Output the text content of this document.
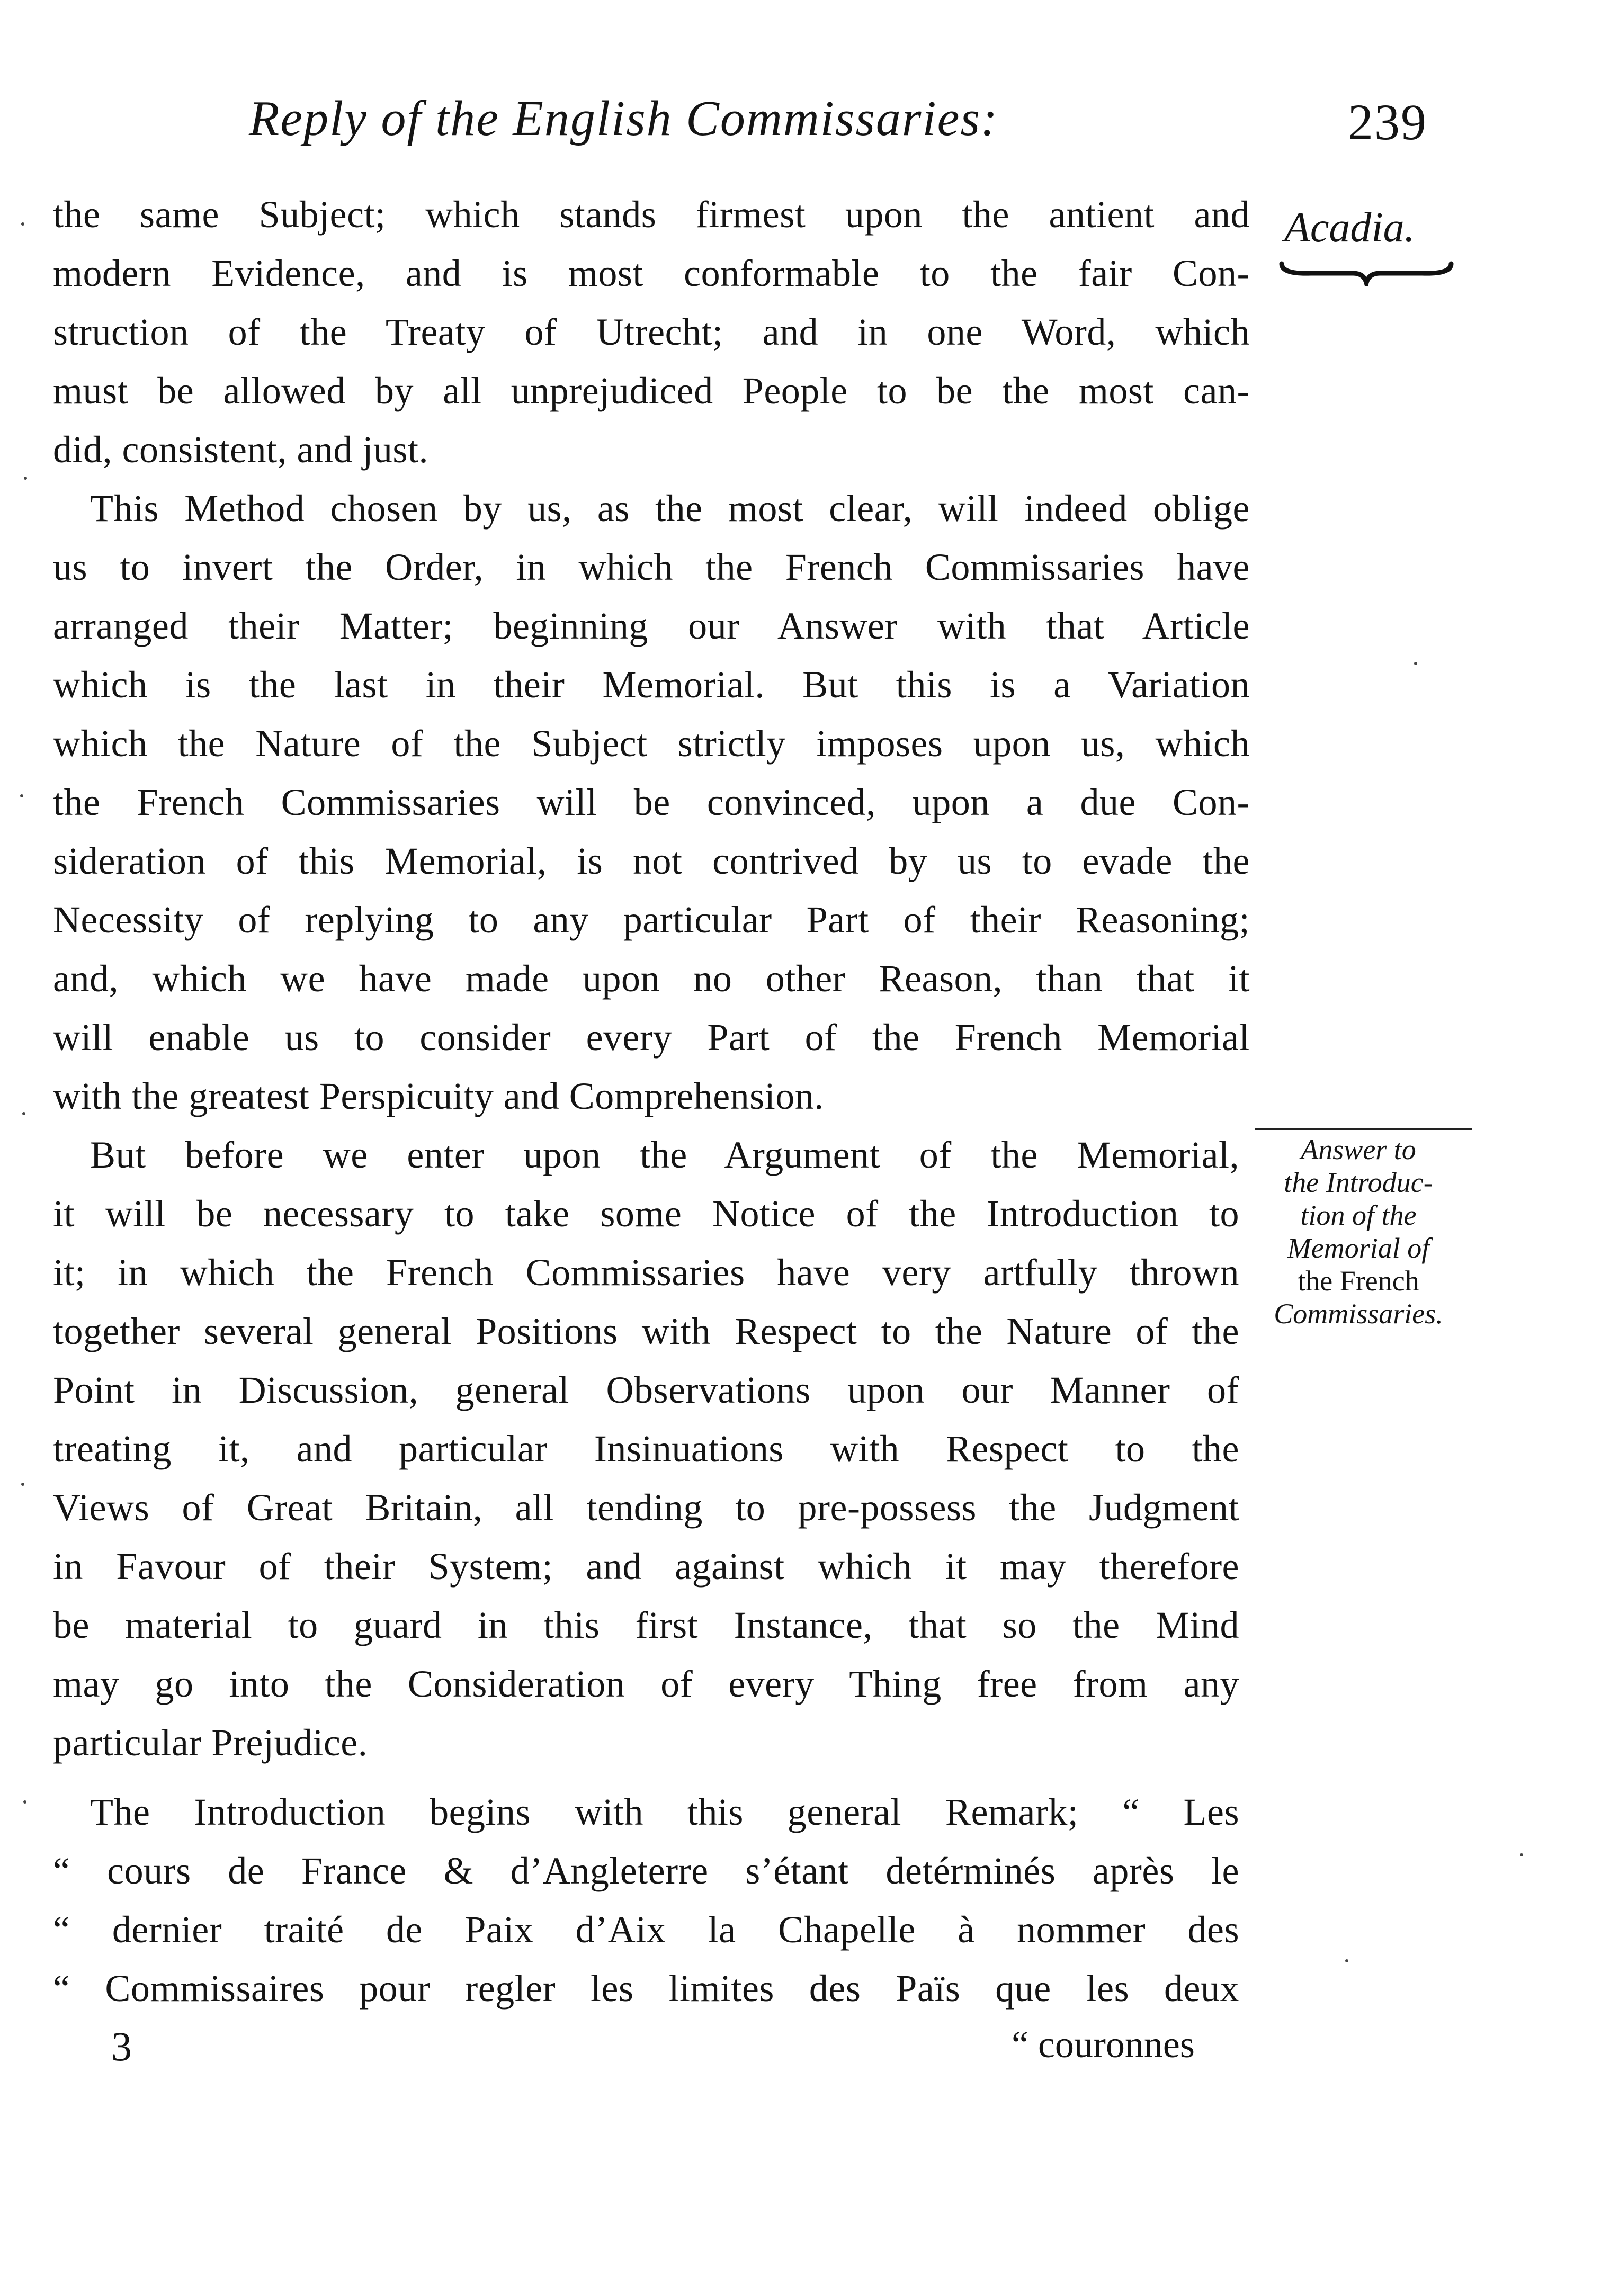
Reply of the English Commissaries:	239
Acadia.
Answer to
the Introduc-
tion of the
Memorial of
the French
Commissaries.
the same Subject; which stands firmest upon the antient and
modern Evidence, and is most conformable to the fair Con-
struction of the Treaty of Utrecht; and in one Word, which
must be allowed by all unprejudiced People to be the most can-
did, consistent, and just.
This Method chosen by us, as the most clear, will indeed oblige
us to invert the Order, in which the French Commissaries have
arranged their Matter; beginning our Answer with that Article
which is the last in their Memorial. But this is a Variation
which the Nature of the Subject strictly imposes upon us, which
the French Commissaries will be convinced, upon a due Con-
sideration of this Memorial, is not contrived by us to evade the
Necessity of replying to any particular Part of their Reasoning;
and, which we have made upon no other Reason, than that it
will enable us to consider every Part of the French Memorial
with the greatest Perspicuity and Comprehension.
But before we enter upon the Argument of the Memorial,
it will be necessary to take some Notice of the Introduction to
it; in which the French Commissaries have very artfully thrown
together several general Positions with Respect to the Nature of the
Point in Discussion, general Observations upon our Manner of
treating it, and particular Insinuations with Respect to the
Views of Great Britain, all tending to pre-possess the Judgment
in Favour of their System; and against which it may therefore
be material to guard in this first Instance, that so the Mind
may go into the Consideration of every Thing free from any
particular Prejudice.
The Introduction begins with this general Remark; “ Les
“ cours de France & d’Angleterre s’étant detérminés après le
“ dernier traité de Paix d’Aix la Chapelle à nommer des
“ Commissaires pour regler les limites des Païs que les deux
3	“ couronnes
